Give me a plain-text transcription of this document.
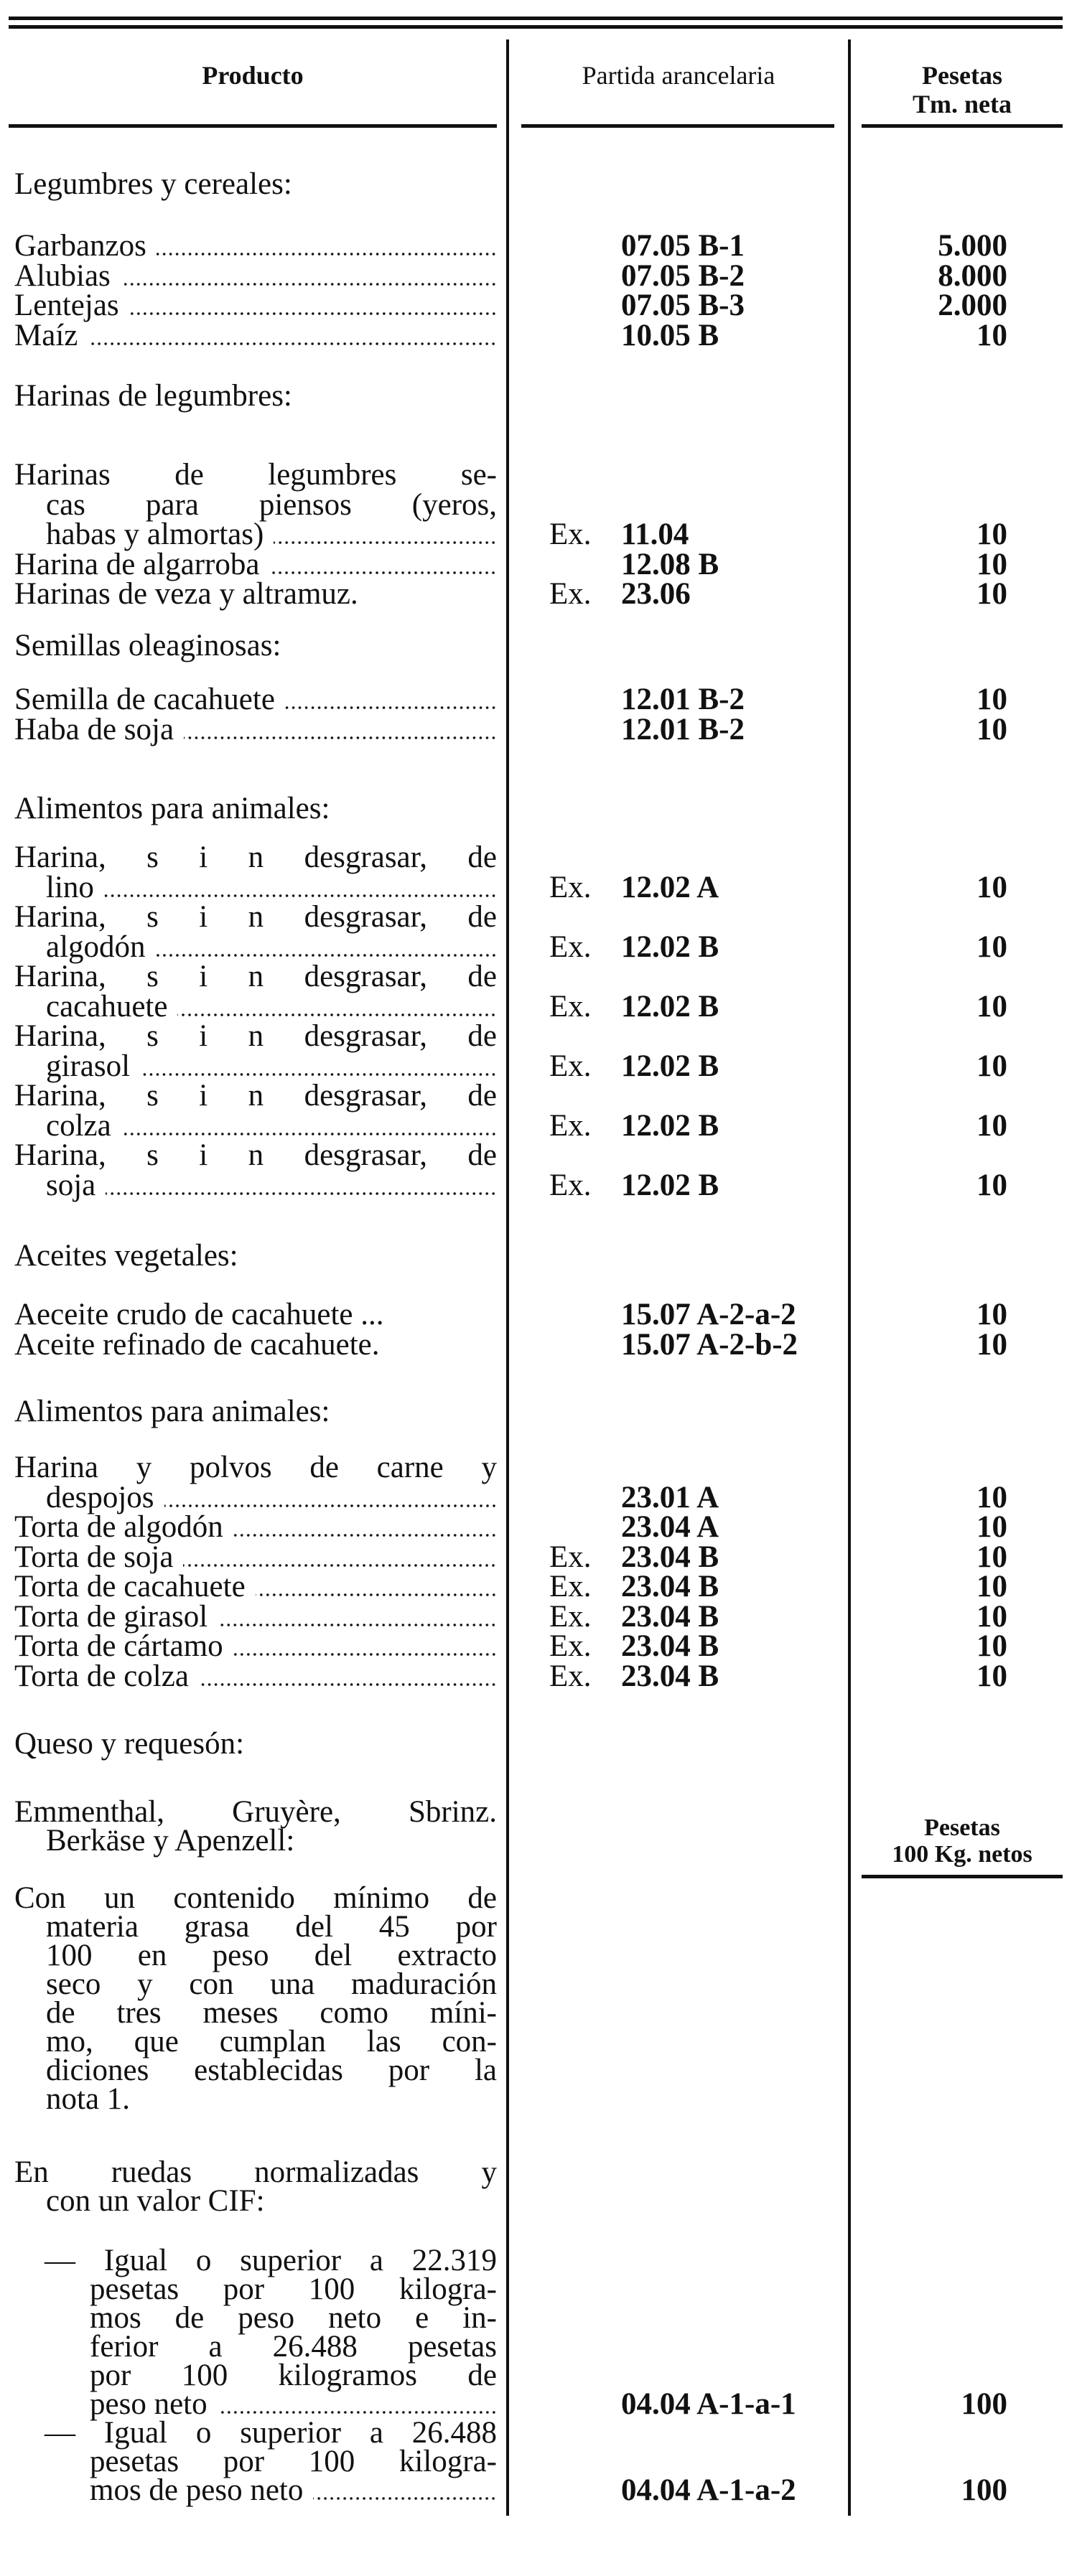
Producto	Partida arancelaria	Pesetas
Tm. neta
Legumbres y cereales:
Garbanzos	07.05 B-1	5.000
Alubias	07.05 B-2	8.000
Lentejas	07.05 B-3	2.000
Maíz	10.05 B	10
Harinas de legumbres:
Harinas de legumbres se-
cas para piensos (yeros,
habas y almortas)	Ex. 11.04	10
Harina de algarroba	12.08 B	10
Harinas de veza y altramuz.	Ex. 23.06	10
Semillas oleaginosas:
Semilla de cacahuete	12.01 B-2	10
Haba de soja	12.01 B-2	10
Alimentos para animales:
Harina, s i n desgrasar, de
lino	Ex. 12.02 A	10
Harina, s i n desgrasar, de
algodón	Ex. 12.02 B	10
Harina, s i n desgrasar, de
cacahuete	Ex. 12.02 B	10
Harina, s i n desgrasar, de
girasol	Ex. 12.02 B	10
Harina, s i n desgrasar, de
colza	Ex. 12.02 B	10
Harina, s i n desgrasar, de
soja	Ex. 12.02 B	10
Aceites vegetales:
Aeceite crudo de cacahuete ...	15.07 A-2-a-2	10
Aceite refinado de cacahuete.	15.07 A-2-b-2	10
Alimentos para animales:
Harina y polvos de carne y
despojos	23.01 A	10
Torta de algodón	23.04 A	10
Torta de soja	Ex. 23.04 B	10
Torta de cacahuete	Ex. 23.04 B	10
Torta de girasol	Ex. 23.04 B	10
Torta de cártamo	Ex. 23.04 B	10
Torta de colza	Ex. 23.04 B	10
Queso y requesón:
Pesetas
100 Kg. netos
Emmenthal, Gruyère, Sbrinz.
Berkäse y Apenzell:
Con un contenido mínimo de
materia grasa del 45 por
100 en peso del extracto
seco y con una maduración
de tres meses como míni-
mo, que cumplan las con-
diciones establecidas por la
nota 1.
En ruedas normalizadas y
con un valor CIF:
— Igual o superior a 22.319
pesetas por 100 kilogra-
mos de peso neto e in-
ferior a 26.488 pesetas
por 100 kilogramos de
peso neto	04.04 A-1-a-1	100
— Igual o superior a 26.488
pesetas por 100 kilogra-
mos de peso neto	04.04 A-1-a-2	100
